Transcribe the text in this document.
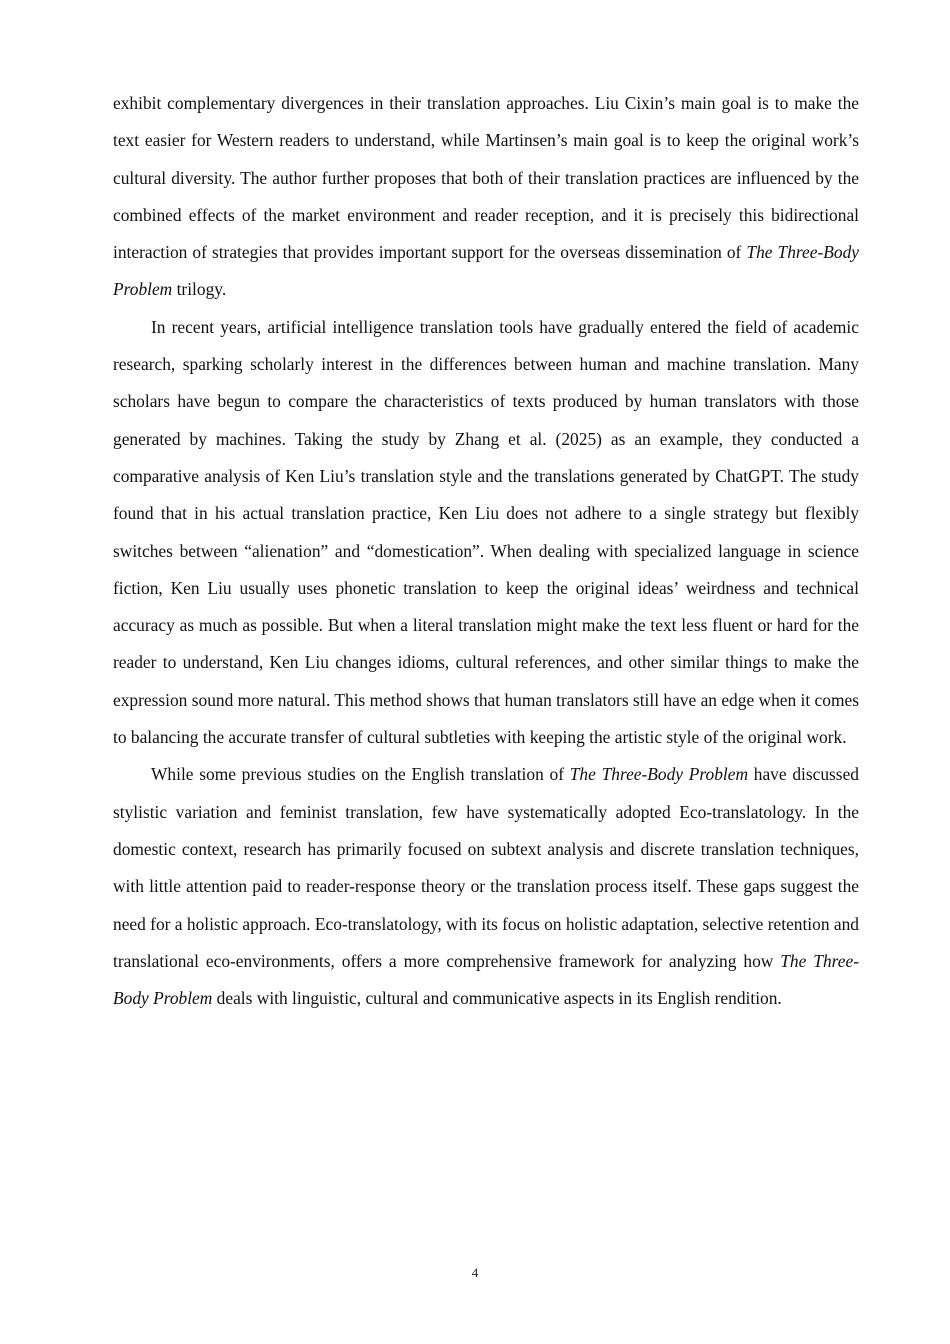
exhibit complementary divergences in their translation approaches. Liu Cixin’s main goal is to make the text easier for Western readers to understand, while Martinsen’s main goal is to keep the original work’s cultural diversity. The author further proposes that both of their translation practices are influenced by the combined effects of the market environment and reader reception, and it is precisely this bidirectional interaction of strategies that provides important support for the overseas dissemination of The Three-Body Problem trilogy.

In recent years, artificial intelligence translation tools have gradually entered the field of academic research, sparking scholarly interest in the differences between human and machine translation. Many scholars have begun to compare the characteristics of texts produced by human translators with those generated by machines. Taking the study by Zhang et al. (2025) as an example, they conducted a comparative analysis of Ken Liu’s translation style and the translations generated by ChatGPT. The study found that in his actual translation practice, Ken Liu does not adhere to a single strategy but flexibly switches between “alienation” and “domestication”. When dealing with specialized language in science fiction, Ken Liu usually uses phonetic translation to keep the original ideas’ weirdness and technical accuracy as much as possible. But when a literal translation might make the text less fluent or hard for the reader to understand, Ken Liu changes idioms, cultural references, and other similar things to make the expression sound more natural. This method shows that human translators still have an edge when it comes to balancing the accurate transfer of cultural subtleties with keeping the artistic style of the original work.

While some previous studies on the English translation of The Three-Body Problem have discussed stylistic variation and feminist translation, few have systematically adopted Eco-translatology. In the domestic context, research has primarily focused on subtext analysis and discrete translation techniques, with little attention paid to reader-response theory or the translation process itself. These gaps suggest the need for a holistic approach. Eco-translatology, with its focus on holistic adaptation, selective retention and translational eco-environments, offers a more comprehensive framework for analyzing how The Three-Body Problem deals with linguistic, cultural and communicative aspects in its English rendition.

4
